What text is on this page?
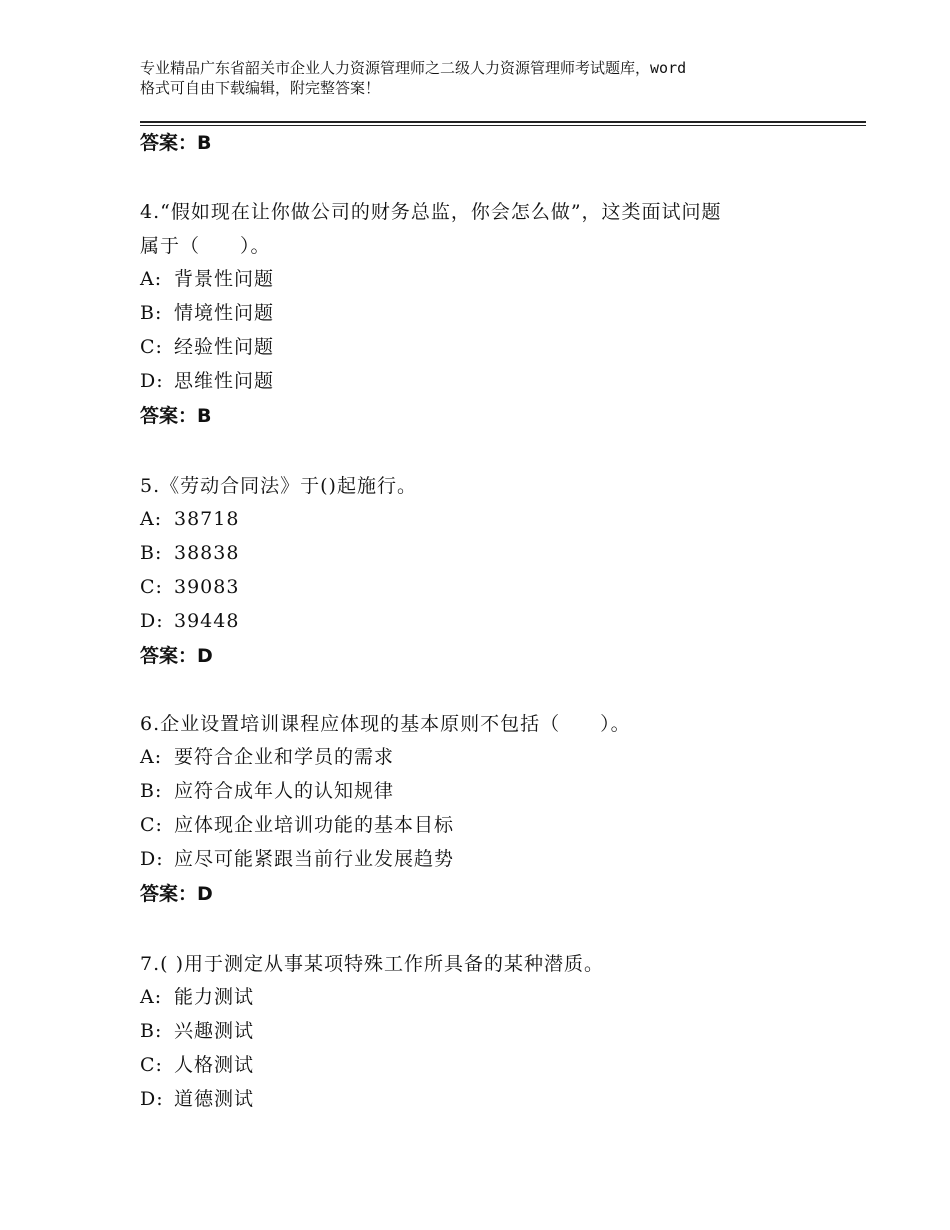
专业精品广东省韶关市企业人力资源管理师之二级人力资源管理师考试题库，word
格式可自由下载编辑，附完整答案！
答案：B
4.“假如现在让你做公司的财务总监，你会怎么做”，这类面试问题
属于（　　）。
A: 背景性问题
B: 情境性问题
C: 经验性问题
D: 思维性问题
答案：B
5.《劳动合同法》于()起施行。
A: 38718
B: 38838
C: 39083
D: 39448
答案：D
6.企业设置培训课程应体现的基本原则不包括（　　）。
A: 要符合企业和学员的需求
B: 应符合成年人的认知规律
C: 应体现企业培训功能的基本目标
D: 应尽可能紧跟当前行业发展趋势
答案：D
7.( )用于测定从事某项特殊工作所具备的某种潜质。
A: 能力测试
B: 兴趣测试
C: 人格测试
D: 道德测试
